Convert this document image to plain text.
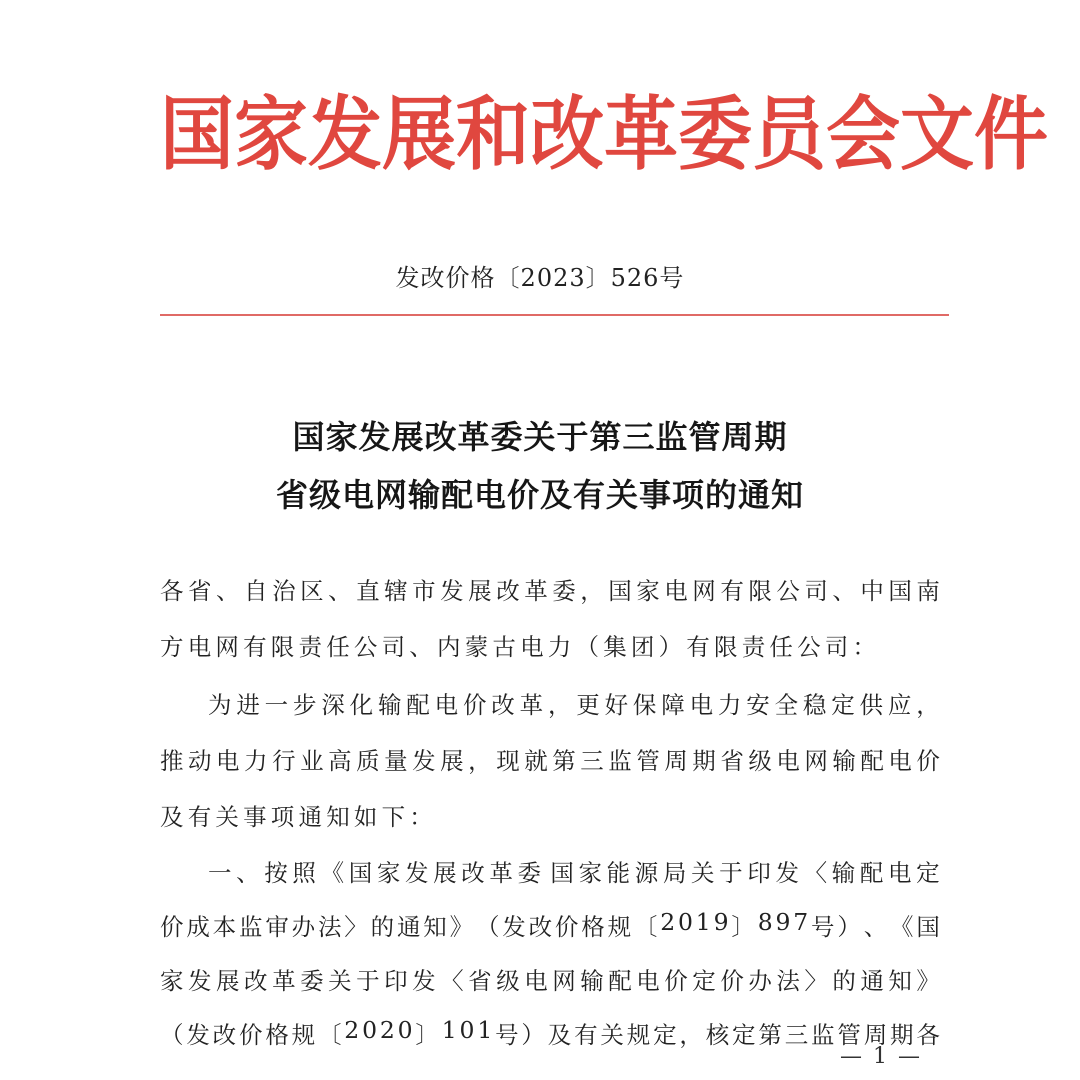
国 家 发 展 和 改 革 委 员 会 文 件
发改价格〔2023〕526号
国家发展改革委关于第三监管周期
省级电网输配电价及有关事项的通知
各 省 、 自 治 区 、 直 辖 市 发 展 改 革 委 ， 国 家 电 网 有 限 公 司 、 中 国 南
方电网有限责任公司、内蒙古电力（集团）有限责任公司：
为 进 一 步 深 化 输 配 电 价 改 革 ， 更 好 保 障 电 力 安 全 稳 定 供 应 ，
推 动 电 力 行 业 高 质 量 发 展 ， 现 就 第 三 监 管 周 期 省 级 电 网 输 配 电 价
及有关事项通知如下：
一 、 按 照 《 国 家 发 展 改 革 委 国 家 能 源 局 关 于 印 发 〈 输 配 电 定
价 成 本 监 审 办 法 〉 的 通 知 》 （ 发 改 价 格 规 〔 2 0 1 9 〕 8 9 7 号 ） 、 《 国
家 发 展 改 革 委 关 于 印 发 〈 省 级 电 网 输 配 电 价 定 价 办 法 〉 的 通 知 》
（ 发 改 价 格 规 〔 2 0 2 0 〕 1 0 1 号 ） 及 有 关 规 定 ， 核 定 第 三 监 管 周 期 各
— 1 —
